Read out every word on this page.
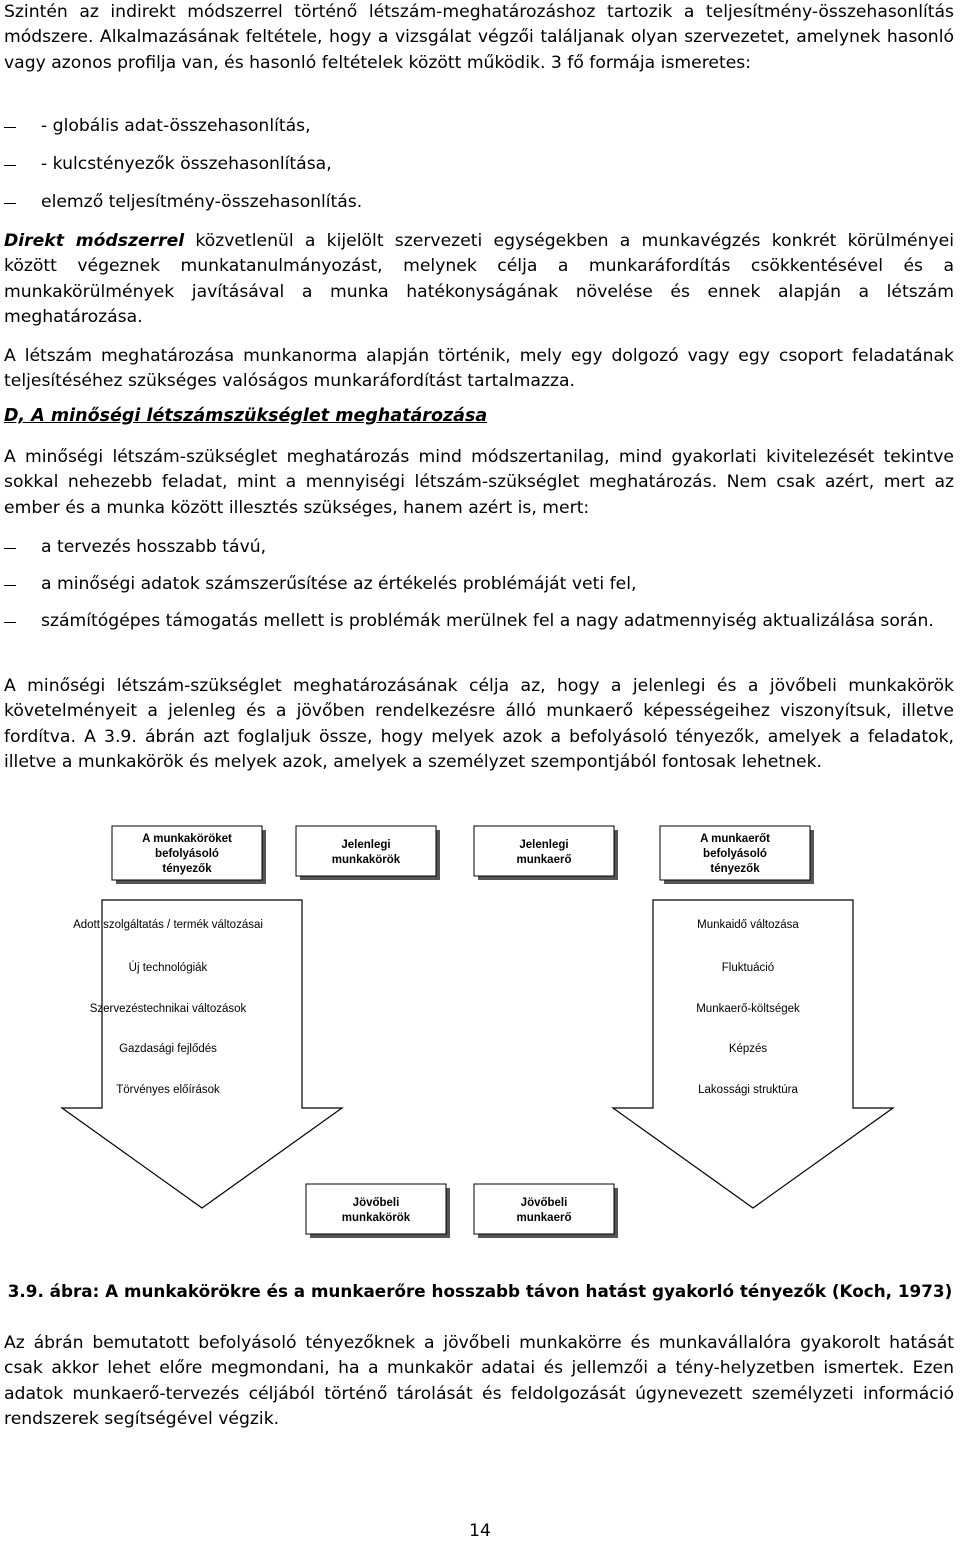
Szintén az indirekt módszerrel történő létszám-meghatározáshoz tartozik a teljesítmény-összehasonlítás módszere. Alkalmazásának feltétele, hogy a vizsgálat végzői találjanak olyan szervezetet, amelynek hasonló vagy azonos profilja van, és hasonló feltételek között működik. 3 fő formája ismeretes:

- globális adat-összehasonlítás,
- kulcstényezők összehasonlítása,
elemző teljesítmény-összehasonlítás.

Direkt módszerrel közvetlenül a kijelölt szervezeti egységekben a munkavégzés konkrét körülményei között végeznek munkatanulmányozást, melynek célja a munkaráfordítás csökkentésével és a munkakörülmények javításával a munka hatékonyságának növelése és ennek alapján a létszám meghatározása.

A létszám meghatározása munkanorma alapján történik, mely egy dolgozó vagy egy csoport feladatának teljesítéséhez szükséges valóságos munkaráfordítást tartalmazza.

D, A minőségi létszámszükséglet meghatározása

A minőségi létszám-szükséglet meghatározás mind módszertanilag, mind gyakorlati kivitelezését tekintve sokkal nehezebb feladat, mint a mennyiségi létszám-szükséglet meghatározás. Nem csak azért, mert az ember és a munka között illesztés szükséges, hanem azért is, mert:

a tervezés hosszabb távú,
a minőségi adatok számszerűsítése az értékelés problémáját veti fel,
számítógépes támogatás mellett is problémák merülnek fel a nagy adatmennyiség aktualizálása során.

A minőségi létszám-szükséglet meghatározásának célja az, hogy a jelenlegi és a jövőbeli munkakörök követelményeit a jelenleg és a jövőben rendelkezésre álló munkaerő képességeihez viszonyítsuk, illetve fordítva. A 3.9. ábrán azt foglaljuk össze, hogy melyek azok a befolyásoló tényezők, amelyek a feladatok, illetve a munkakörök és melyek azok, amelyek a személyzet szempontjából fontosak lehetnek.

A munkaköröket
befolyásoló
tényezők
Jelenlegi
munkakörök
Jelenlegi
munkaerő
A munkaerőt
befolyásoló
tényezők
Adott szolgáltatás / termék változásai
Új technológiák
Szervezéstechnikai változások
Gazdasági fejlődés
Törvényes előírások
Munkaidő változása
Fluktuáció
Munkaerő-költségek
Képzés
Lakossági struktúra
Jövőbeli
munkakörök
Jövőbeli
munkaerő
3.9. ábra: A munkakörökre és a munkaerőre hosszabb távon hatást gyakorló tényezők (Koch, 1973)

Az ábrán bemutatott befolyásoló tényezőknek a jövőbeli munkakörre és munkavállalóra gyakorolt hatását csak akkor lehet előre megmondani, ha a munkakör adatai és jellemzői a tény-helyzetben ismertek. Ezen adatok munkaerő-tervezés céljából történő tárolását és feldolgozását úgynevezett személyzeti információ rendszerek segítségével végzik.

14
